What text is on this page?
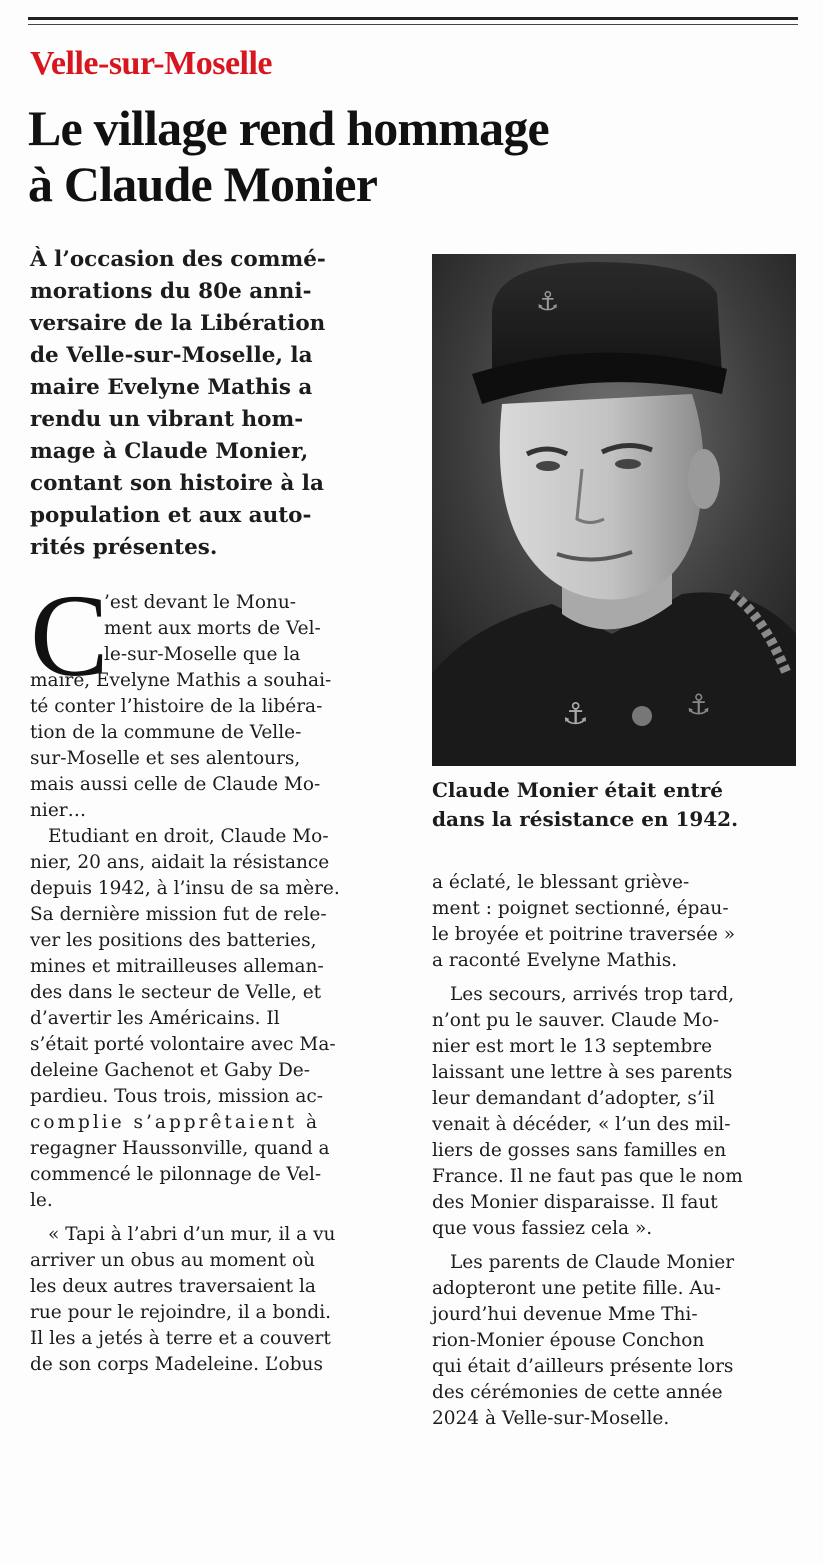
Velle-sur-Moselle
Le village rend hommage
à Claude Monier
À l’occasion des commé-
morations du 80e anni-
versaire de la Libération
de Velle-sur-Moselle, la
maire Evelyne Mathis a
rendu un vibrant hom-
mage à Claude Monier,
contant son histoire à la
population et aux auto-
rités présentes.
⚓
⚓	⚓
Claude Monier était entré
dans la résistance en 1942.
C
’est devant le Monu-
ment aux morts de Vel-
le-sur-Moselle que la
maire, Evelyne Mathis a souhai-
té conter l’histoire de la libéra-
tion de la commune de Velle-
sur-Moselle et ses alentours,
mais aussi celle de Claude Mo-
nier…
Etudiant en droit, Claude Mo-
nier, 20 ans, aidait la résistance
depuis 1942, à l’insu de sa mère.
Sa dernière mission fut de rele-
ver les positions des batteries,
mines et mitrailleuses alleman-
des dans le secteur de Velle, et
d’avertir les Américains. Il
s’était porté volontaire avec Ma-
deleine Gachenot et Gaby De-
pardieu. Tous trois, mission ac-
complie s’apprêtaient à
regagner Haussonville, quand a
commencé le pilonnage de Vel-
le.
« Tapi à l’abri d’un mur, il a vu
arriver un obus au moment où
les deux autres traversaient la
rue pour le rejoindre, il a bondi.
Il les a jetés à terre et a couvert
de son corps Madeleine. L’obus
a éclaté, le blessant grièvе-
ment : poignet sectionné, épau-
le broyée et poitrine traversée »
a raconté Evelyne Mathis.
Les secours, arrivés trop tard,
n’ont pu le sauver. Claude Mo-
nier est mort le 13 septembre
laissant une lettre à ses parents
leur demandant d’adopter, s’il
venait à décéder, « l’un des mil-
liers de gosses sans familles en
France. Il ne faut pas que le nom
des Monier disparaisse. Il faut
que vous fassiez cela ».
Les parents de Claude Monier
adopteront une petite fille. Au-
jourd’hui devenue Mme Thi-
rion-Monier épouse Conchon
qui était d’ailleurs présente lors
des cérémonies de cette année
2024 à Velle-sur-Moselle.
